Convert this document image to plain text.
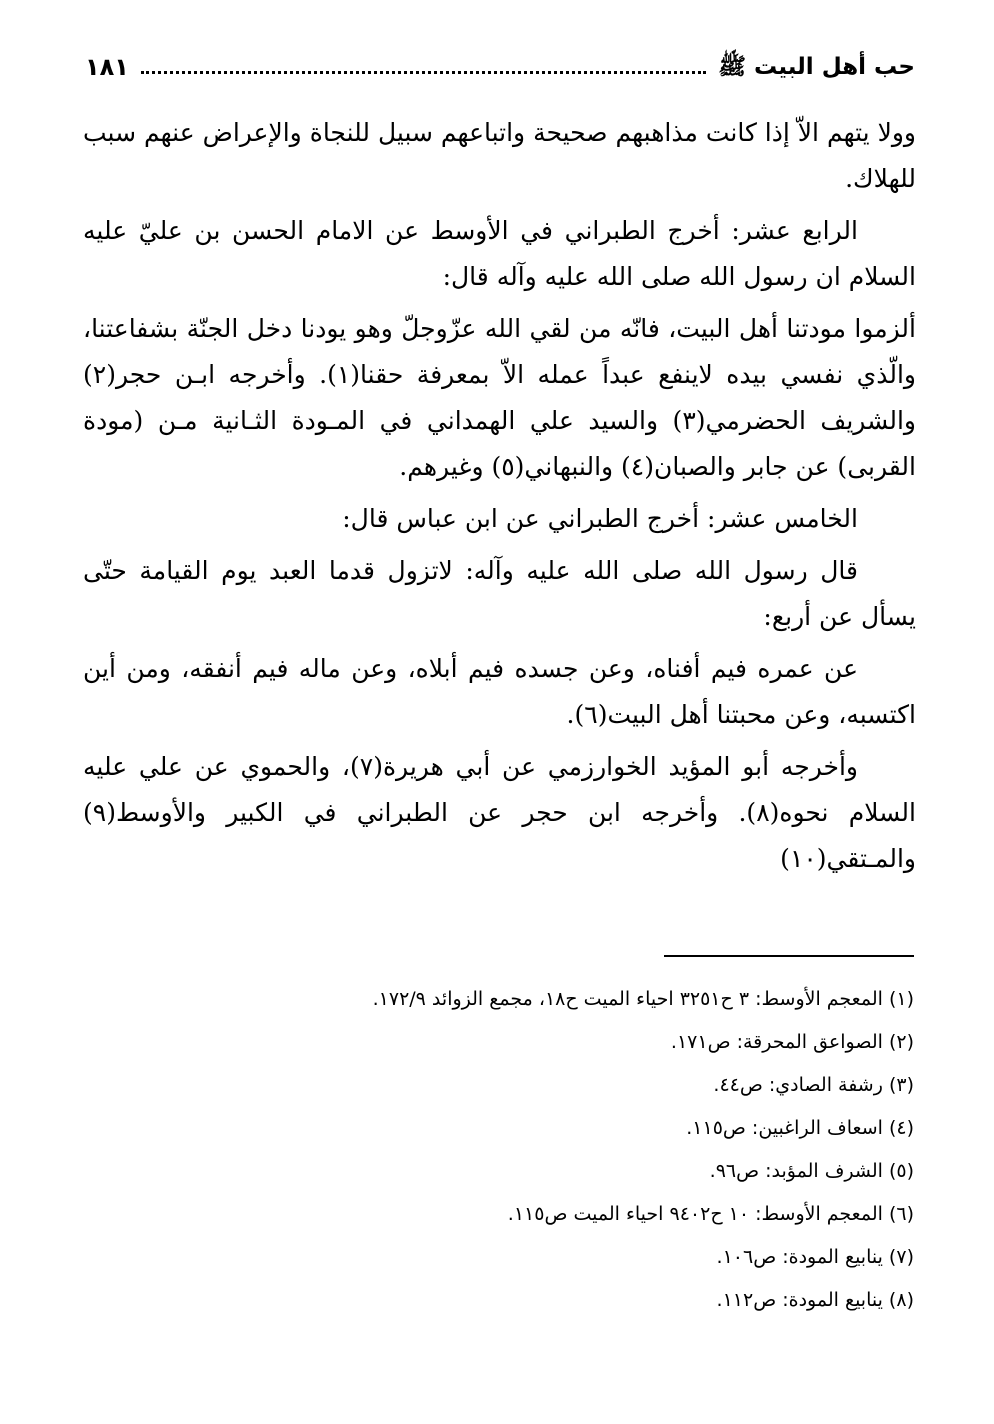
حب أهل البيت ﷺ
١٨١

وولا يتهم الاّ إذا كانت مذاهبهم صحيحة واتباعهم سبيل للنجاة والإعراض عنهم سبب للهلاك.

الرابع عشر: أخرج الطبراني في الأوسط عن الامام الحسن بن عليّ عليه السلام ان رسول الله صلى الله عليه وآله قال:

ألزموا مودتنا أهل البيت، فانّه من لقي الله عزّوجلّ وهو يودنا دخل الجنّة بشفاعتنا، والّذي نفسي بيده لاينفع عبداً عمله الاّ بمعرفة حقنا(١). وأخرجه ابـن حجر(٢) والشريف الحضرمي(٣) والسيد علي الهمداني في المـودة الثـانية مـن (مودة القربى) عن جابر والصبان(٤) والنبهاني(٥) وغيرهم.

الخامس عشر: أخرج الطبراني عن ابن عباس قال:

قال رسول الله صلى الله عليه وآله: لاتزول قدما العبد يوم القيامة حتّى يسأل عن أربع:

عن عمره فيم أفناه، وعن جسده فيم أبلاه، وعن ماله فيم أنفقه، ومن أين اكتسبه، وعن محبتنا أهل البيت(٦).

وأخرجه أبو المؤيد الخوارزمي عن أبي هريرة(٧)، والحموي عن علي عليه السلام نحوه(٨). وأخرجه ابن حجر عن الطبراني في الكبير والأوسط(٩) والمـتقي(١٠)

(١) المعجم الأوسط: ٣ ح٣٢٥١ احياء الميت ح١٨، مجمع الزوائد ١٧٢/٩.
(٢) الصواعق المحرقة: ص١٧١.
(٣) رشفة الصادي: ص٤٤.
(٤) اسعاف الراغبين: ص١١٥.
(٥) الشرف المؤبد: ص٩٦.
(٦) المعجم الأوسط: ١٠ ح٩٤٠٢ احياء الميت ص١١٥.
(٧) ينابيع المودة: ص١٠٦.
(٨) ينابيع المودة: ص١١٢.
